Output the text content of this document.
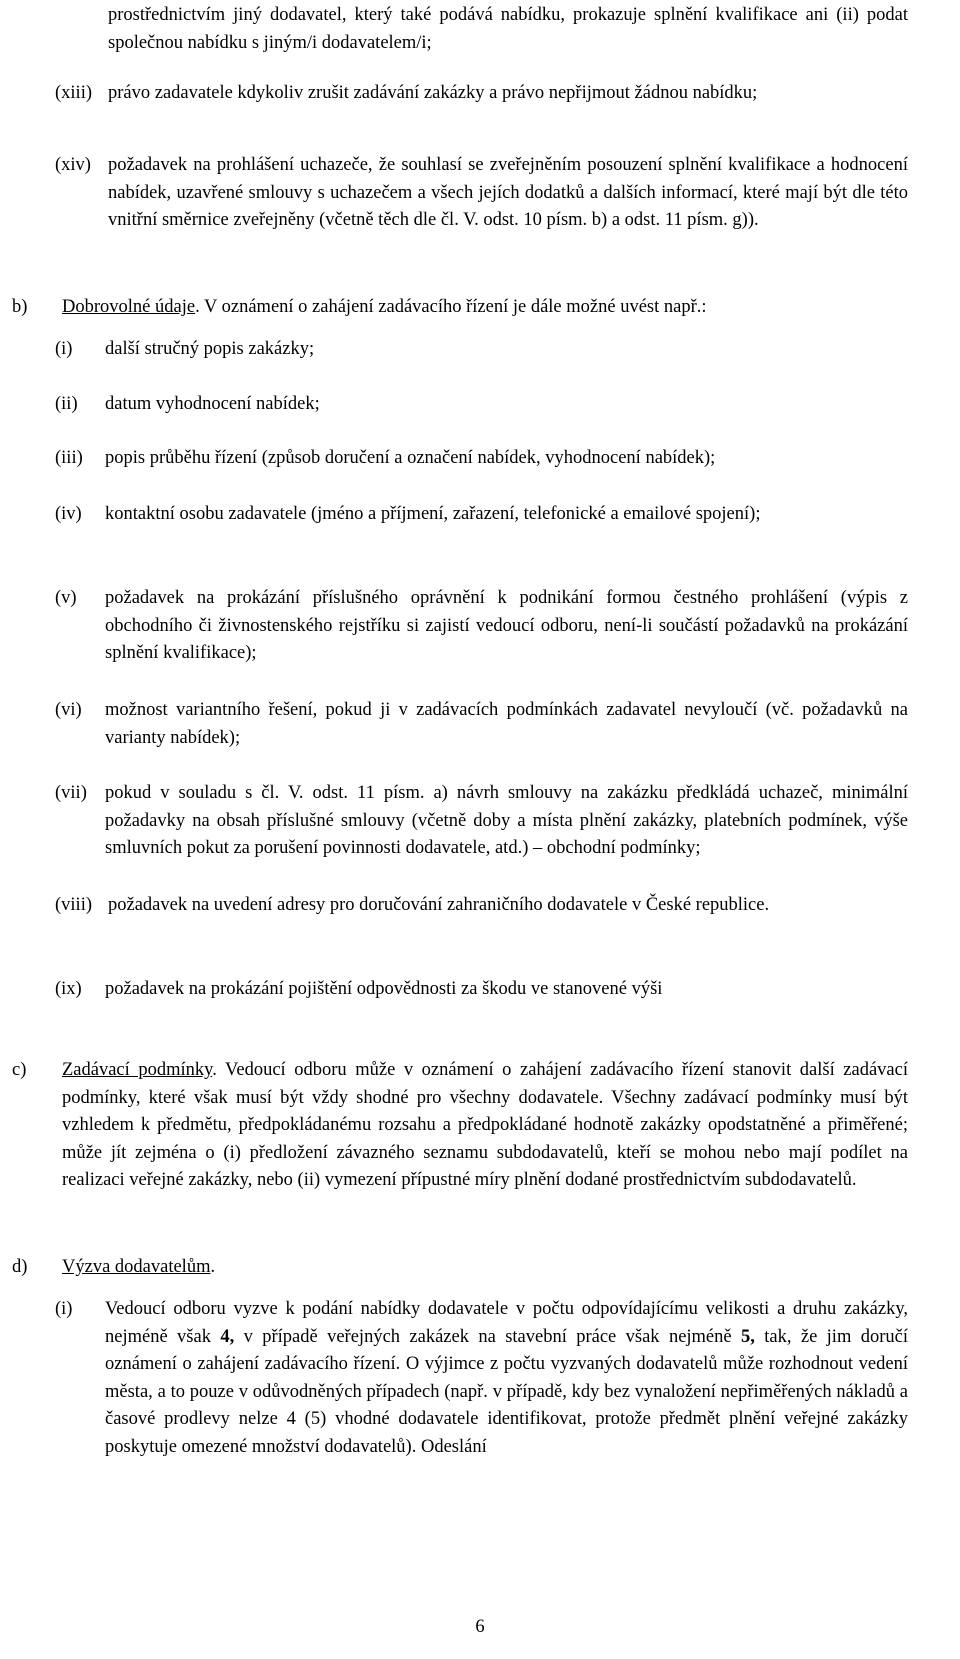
prostřednictvím jiný dodavatel, který také podává nabídku, prokazuje splnění kvalifikace ani (ii) podat společnou nabídku s jiným/i dodavatelem/i;

(xiii) právo zadavatele kdykoliv zrušit zadávání zakázky a právo nepřijmout žádnou nabídku;

(xiv) požadavek na prohlášení uchazeče, že souhlasí se zveřejněním posouzení splnění kvalifikace a hodnocení nabídek, uzavřené smlouvy s uchazečem a všech jejích dodatků a dalších informací, které mají být dle této vnitřní směrnice zveřejněny (včetně těch dle čl. V. odst. 10 písm. b) a odst. 11 písm. g)).

b) Dobrovolné údaje. V oznámení o zahájení zadávacího řízení je dále možné uvést např.:

(i) další stručný popis zakázky;

(ii) datum vyhodnocení nabídek;

(iii) popis průběhu řízení (způsob doručení a označení nabídek, vyhodnocení nabídek);

(iv) kontaktní osobu zadavatele (jméno a příjmení, zařazení, telefonické a emailové spojení);

(v) požadavek na prokázání příslušného oprávnění k podnikání formou čestného prohlášení (výpis z obchodního či živnostenského rejstříku si zajistí vedoucí odboru, není-li součástí požadavků na prokázání splnění kvalifikace);

(vi) možnost variantního řešení, pokud ji v zadávacích podmínkách zadavatel nevyloučí (vč. požadavků na varianty nabídek);

(vii) pokud v souladu s čl. V. odst. 11 písm. a) návrh smlouvy na zakázku předkládá uchazeč, minimální požadavky na obsah příslušné smlouvy (včetně doby a místa plnění zakázky, platebních podmínek, výše smluvních pokut za porušení povinnosti dodavatele, atd.) – obchodní podmínky;

(viii) požadavek na uvedení adresy pro doručování zahraničního dodavatele v České republice.

(ix) požadavek na prokázání pojištění odpovědnosti za škodu ve stanovené výši

c) Zadávací podmínky. Vedoucí odboru může v oznámení o zahájení zadávacího řízení stanovit další zadávací podmínky, které však musí být vždy shodné pro všechny dodavatele. Všechny zadávací podmínky musí být vzhledem k předmětu, předpokládanému rozsahu a předpokládané hodnotě zakázky opodstatněné a přiměřené; může jít zejména o (i) předložení závazného seznamu subdodavatelů, kteří se mohou nebo mají podílet na realizaci veřejné zakázky, nebo (ii) vymezení přípustné míry plnění dodané prostřednictvím subdodavatelů.

d) Výzva dodavatelům.

(i) Vedoucí odboru vyzve k podání nabídky dodavatele v počtu odpovídajícímu velikosti a druhu zakázky, nejméně však 4, v případě veřejných zakázek na stavební práce však nejméně 5, tak, že jim doručí oznámení o zahájení zadávacího řízení. O výjimce z počtu vyzvaných dodavatelů může rozhodnout vedení města, a to pouze v odůvodněných případech (např. v případě, kdy bez vynaložení nepřiměřených nákladů a časové prodlevy nelze 4 (5) vhodné dodavatele identifikovat, protože předmět plnění veřejné zakázky poskytuje omezené množství dodavatelů). Odeslání

6
